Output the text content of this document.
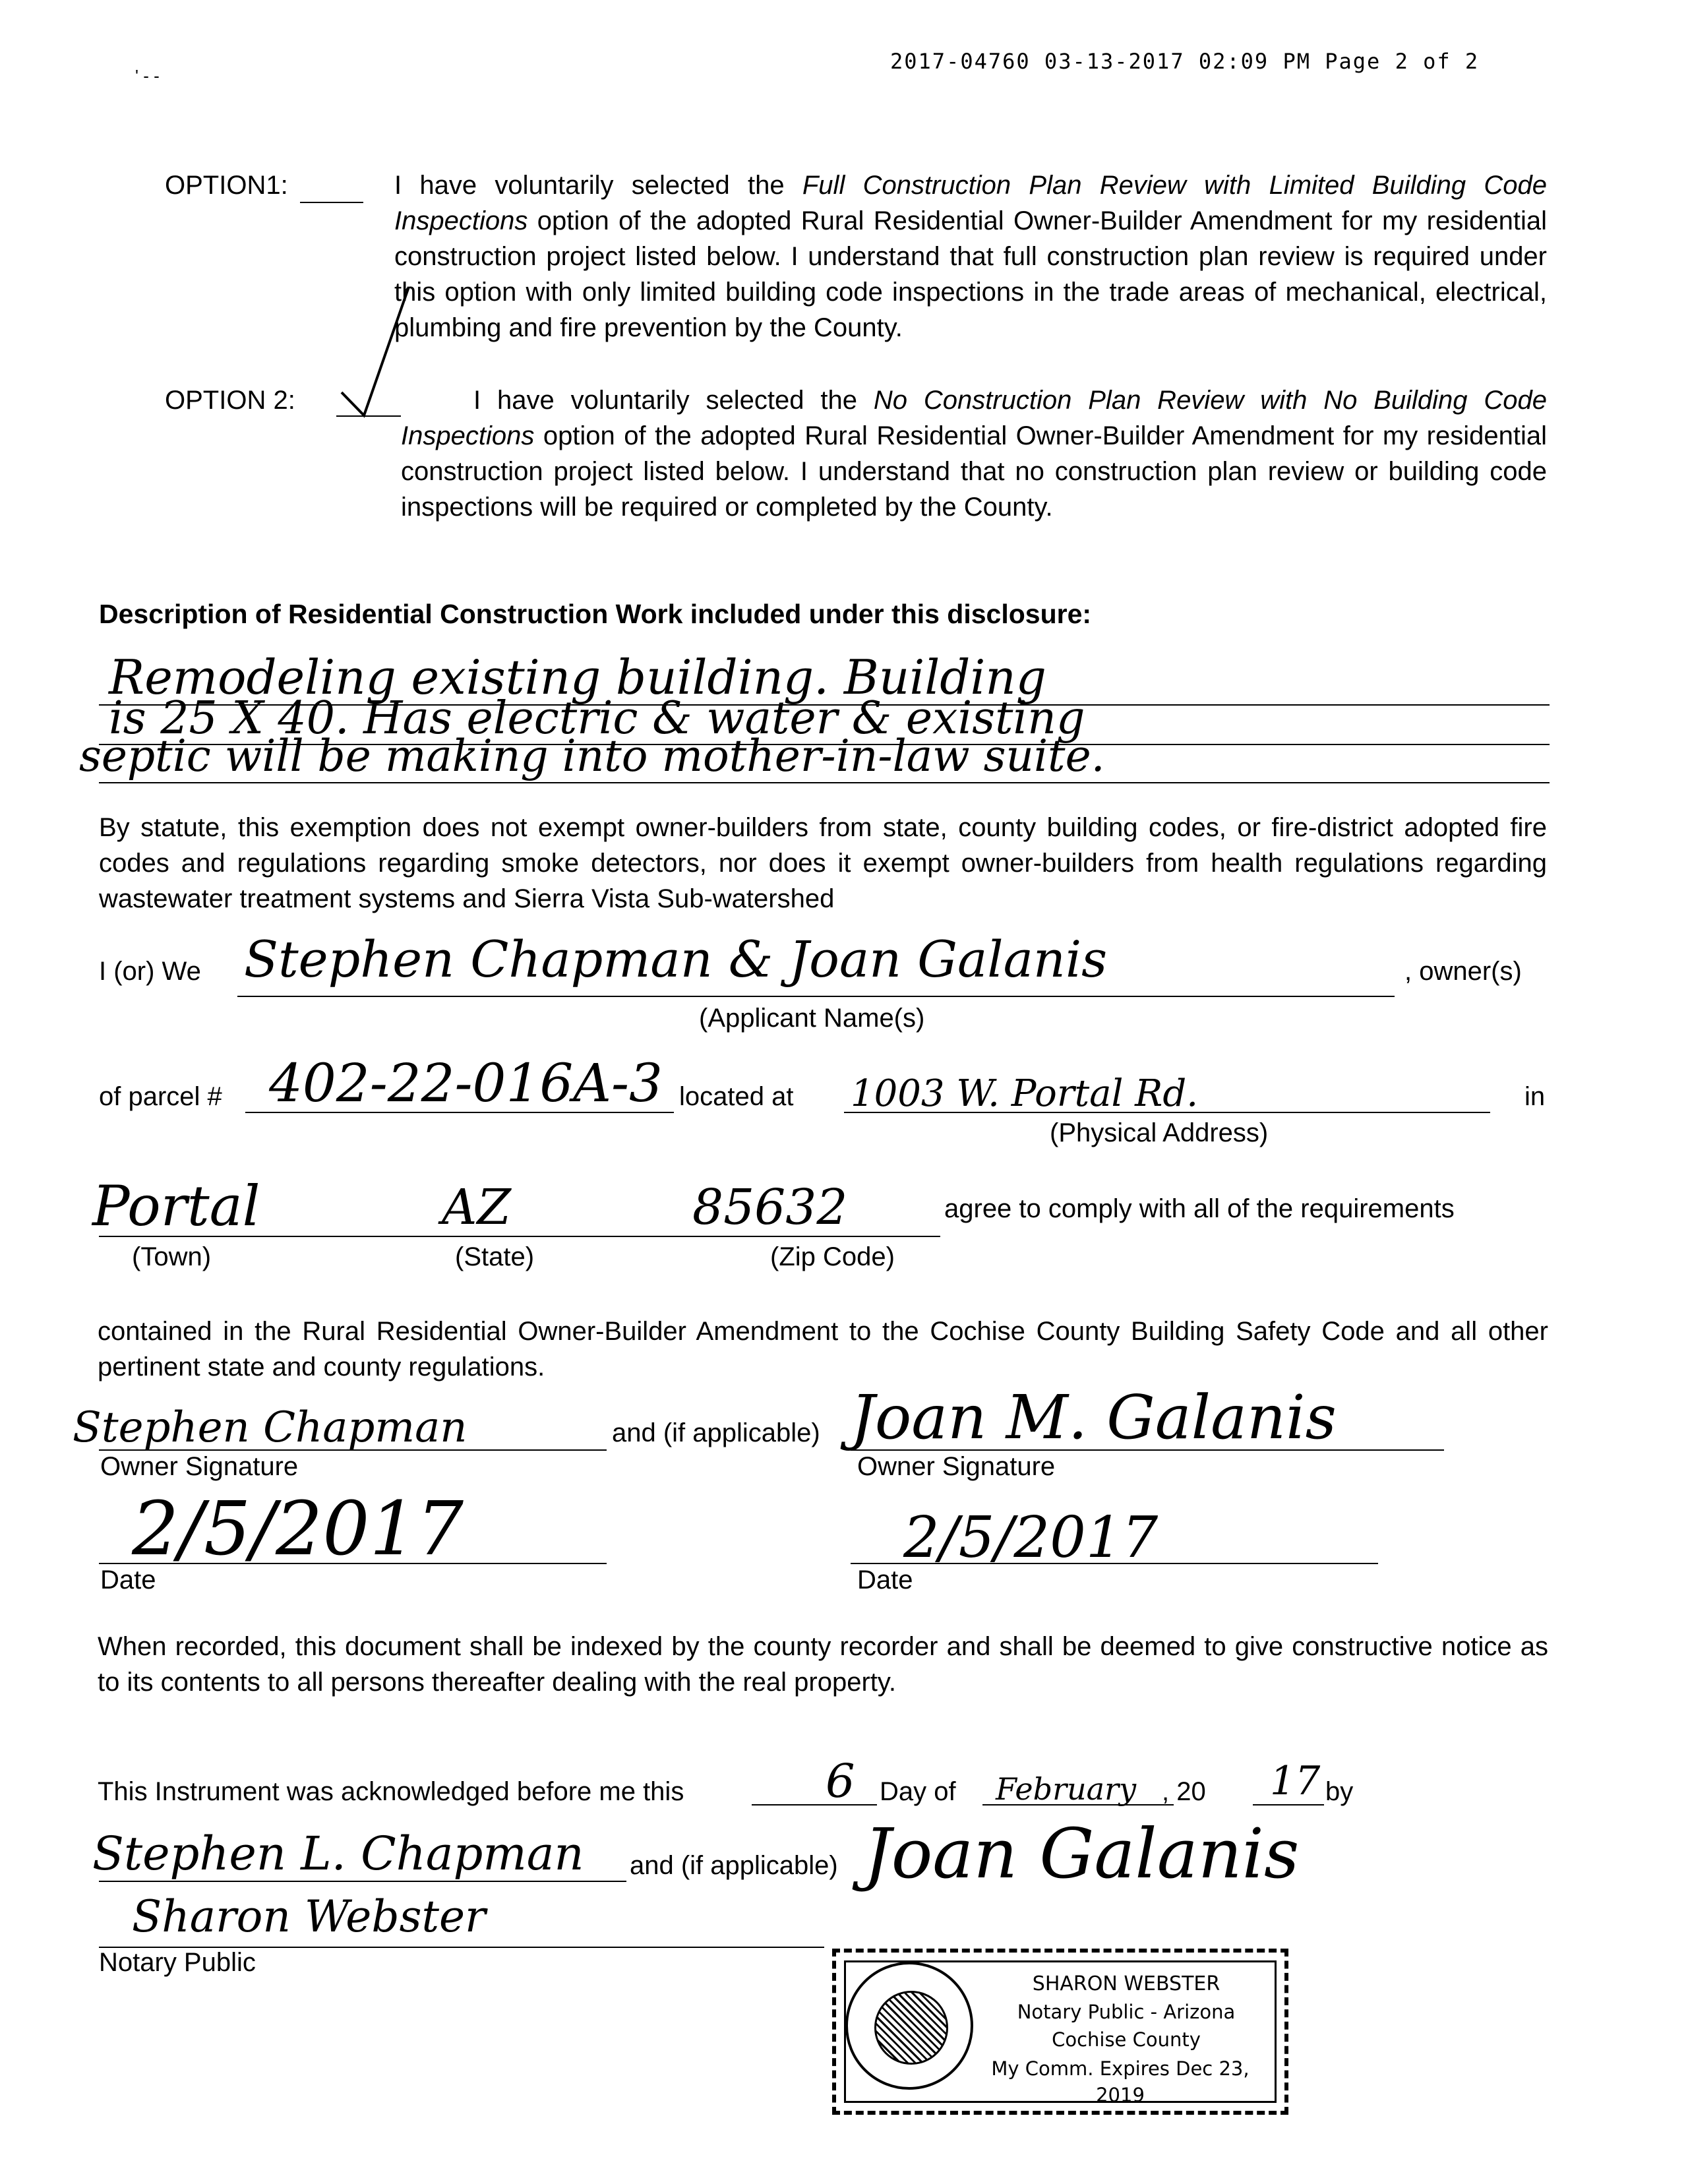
2017-04760 03-13-2017 02:09 PM Page 2 of 2
' - -
OPTION1:	I have voluntarily selected the Full Construction Plan Review with Limited Building Code Inspections option of the adopted Rural Residential Owner-Builder Amendment for my residential construction project listed below. I understand that full construction plan review is required under this option with only limited building code inspections in the trade areas of mechanical, electrical, plumbing and fire prevention by the County.
OPTION 2:	I have voluntarily selected the No Construction Plan Review with No Building Code Inspections option of the adopted Rural Residential Owner-Builder Amendment for my residential construction project listed below. I understand that no construction plan review or building code inspections will be required or completed by the County.
Description of Residential Construction Work included under this disclosure:
Remodeling existing building. Building
is 25 X 40. Has electric & water & existing
septic will be making into mother-in-law suite.
By statute, this exemption does not exempt owner-builders from state, county building codes, or fire-district adopted fire codes and regulations regarding smoke detectors, nor does it exempt owner-builders from health regulations regarding wastewater treatment systems and Sierra Vista Sub-watershed
I (or) We Stephen Chapman & Joan Galanis	, owner(s)
(Applicant Name(s)
of parcel # 402-22-016A-3 located at 1003 W. Portal Rd.	in
(Physical Address)
Portal	AZ	85632	agree to comply with all of the requirements
(Town)	(State)	(Zip Code)
contained in the Rural Residential Owner-Builder Amendment to the Cochise County Building Safety Code and all other pertinent state and county regulations.
Stephen Chapman	and (if applicable) Joan M. Galanis
Owner Signature	Owner Signature
2/5/2017
Date
2/5/2017
Date
When recorded, this document shall be indexed by the county recorder and shall be deemed to give constructive notice as to its contents to all persons thereafter dealing with the real property.
This Instrument was acknowledged before me this	6 Day of February , 20 17 by
Stephen L. Chapman and (if applicable) Joan Galanis
Sharon Webster
Notary Public
SHARON WEBSTER
Notary Public - Arizona
Cochise County
My Comm. Expires Dec 23, 2019
